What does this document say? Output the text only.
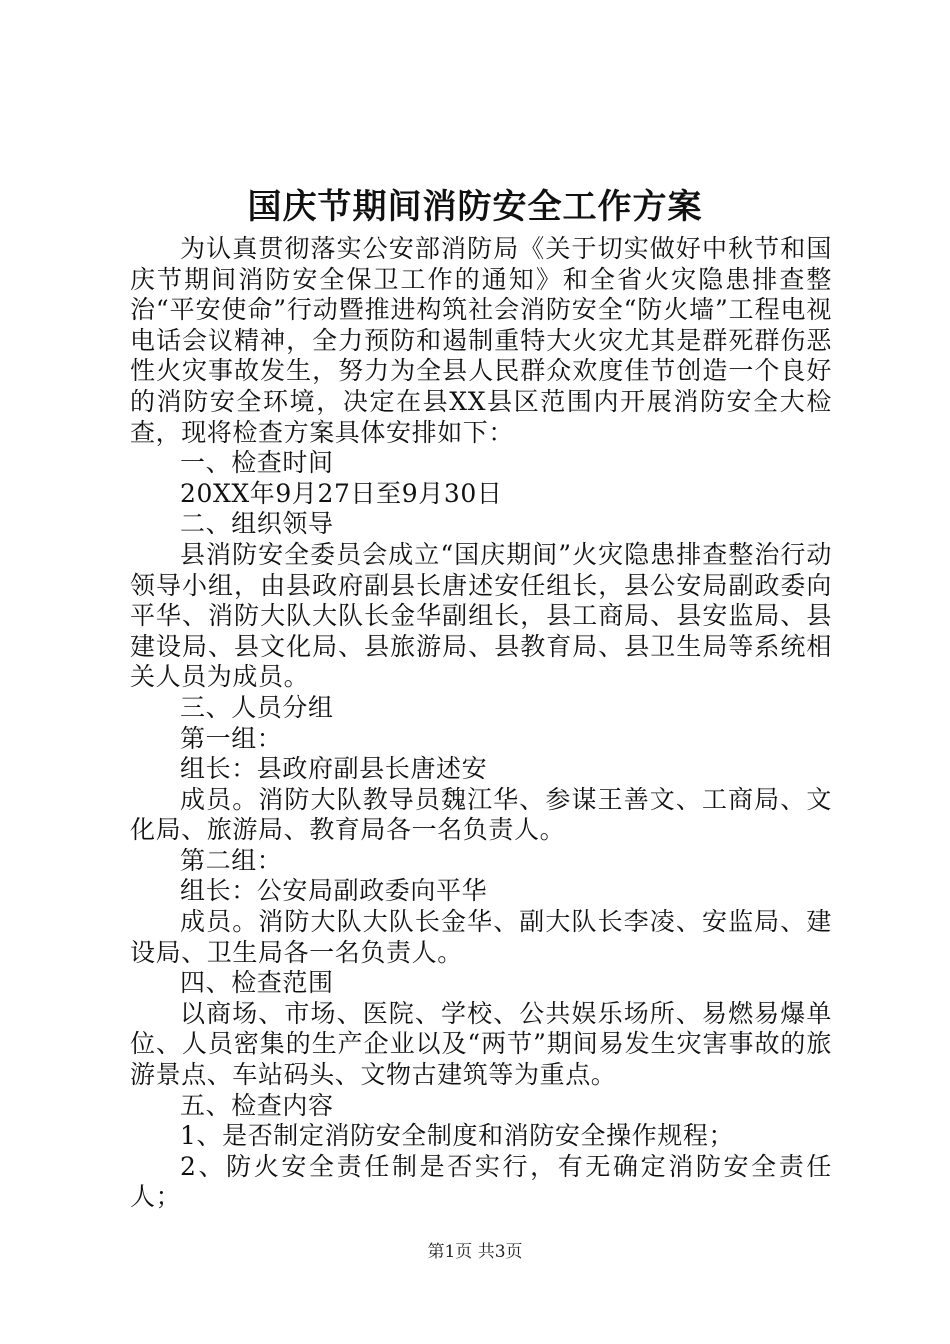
国庆节期间消防安全工作方案

为认真贯彻落实公安部消防局《关于切实做好中秋节和国庆节期间消防安全保卫工作的通知》和全省火灾隐患排查整治“平安使命”行动暨推进构筑社会消防安全“防火墙”工程电视电话会议精神，全力预防和遏制重特大火灾尤其是群死群伤恶性火灾事故发生，努力为全县人民群众欢度佳节创造一个良好的消防安全环境，决定在县XX县区范围内开展消防安全大检查，现将检查方案具体安排如下：

一、检查时间

20XX年9月27日至9月30日

二、组织领导

县消防安全委员会成立“国庆期间”火灾隐患排查整治行动领导小组，由县政府副县长唐述安任组长，县公安局副政委向平华、消防大队大队长金华副组长，县工商局、县安监局、县建设局、县文化局、县旅游局、县教育局、县卫生局等系统相关人员为成员。

三、人员分组

第一组：

组长：县政府副县长唐述安

成员。消防大队教导员魏江华、参谋王善文、工商局、文化局、旅游局、教育局各一名负责人。

第二组：

组长：公安局副政委向平华

成员。消防大队大队长金华、副大队长李凌、安监局、建设局、卫生局各一名负责人。

四、检查范围

以商场、市场、医院、学校、公共娱乐场所、易燃易爆单位、人员密集的生产企业以及“两节”期间易发生灾害事故的旅游景点、车站码头、文物古建筑等为重点。

五、检查内容

1、是否制定消防安全制度和消防安全操作规程；

2、防火安全责任制是否实行，有无确定消防安全责任人；

第1页 共3页
